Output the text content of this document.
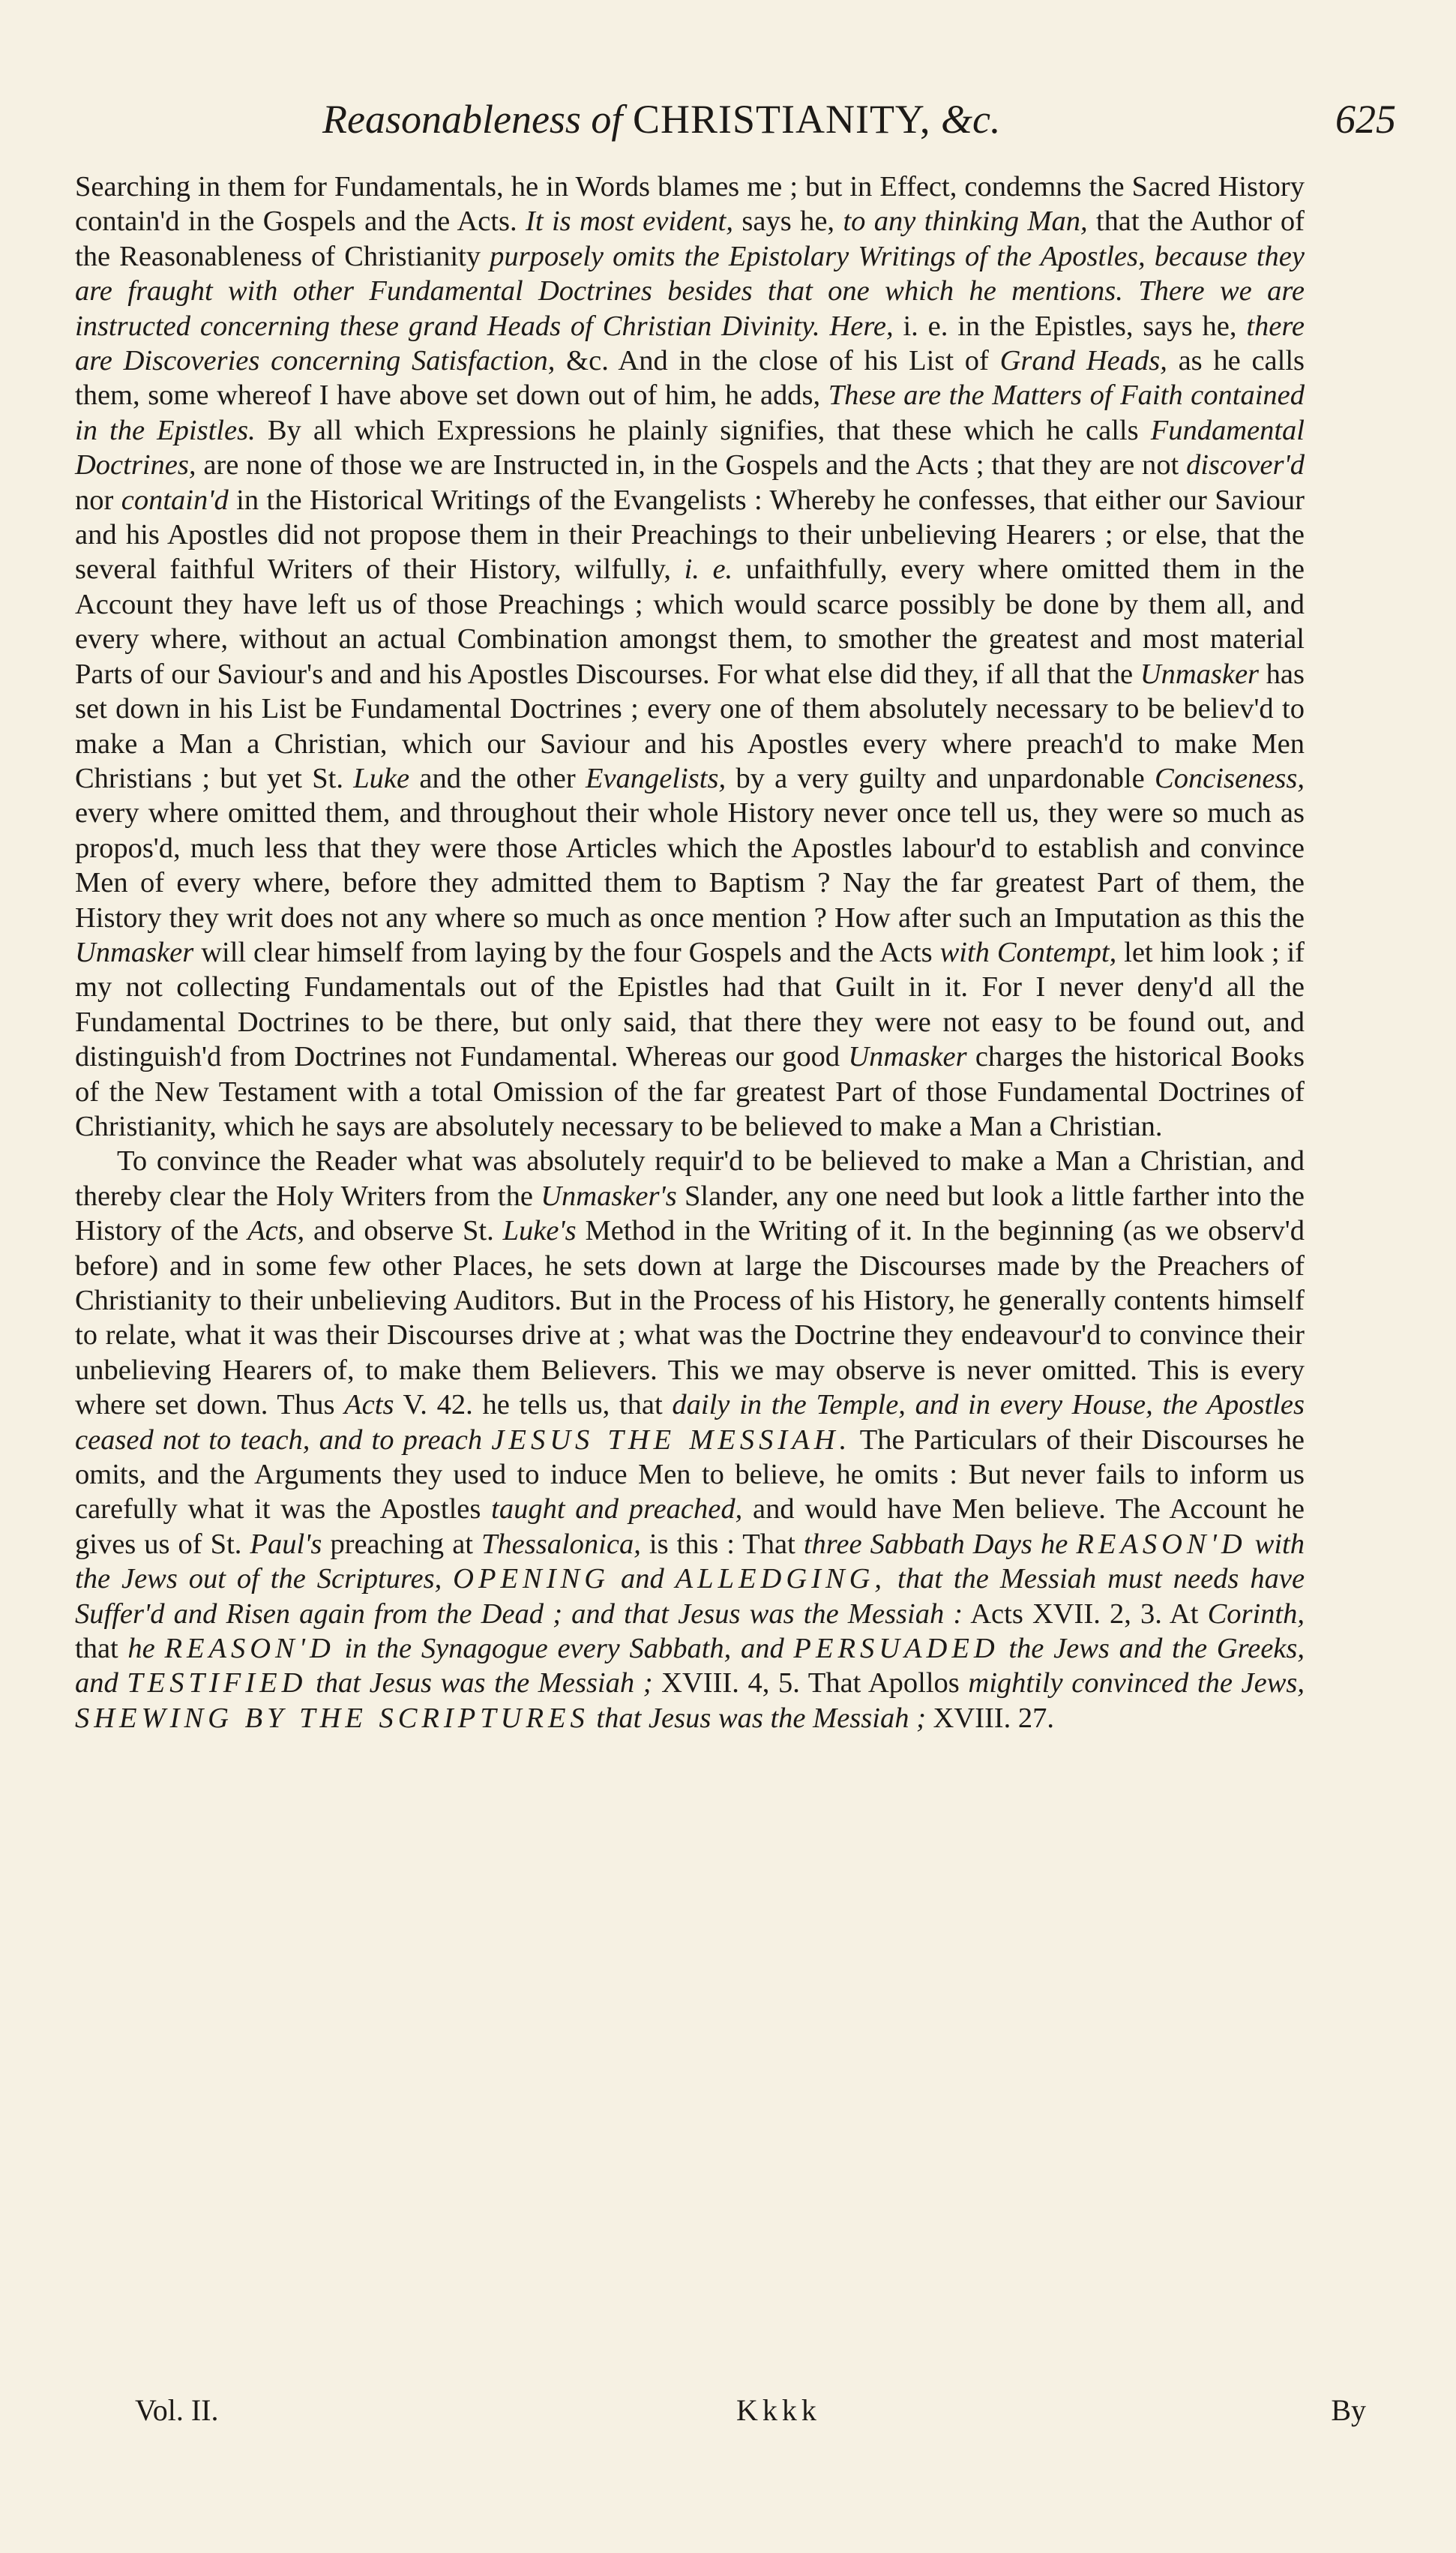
Reasonableness of CHRISTIANITY, &c.	625

Searching in them for Fundamentals, he in Words blames me ; but in Effect, condemns the Sacred History contain'd in the Gospels and the Acts. It is most evident, says he, to any thinking Man, that the Author of the Reasonableness of Christianity purposely omits the Epistolary Writings of the Apostles, because they are fraught with other Fundamental Doctrines besides that one which he mentions. There we are instructed concerning these grand Heads of Christian Divinity. Here, i. e. in the Epistles, says he, there are Discoveries concerning Satisfaction, &c. And in the close of his List of Grand Heads, as he calls them, some whereof I have above set down out of him, he adds, These are the Matters of Faith contained in the Epistles. By all which Expressions he plainly signifies, that these which he calls Fundamental Doctrines, are none of those we are Instructed in, in the Gospels and the Acts ; that they are not discover'd nor contain'd in the Historical Writings of the Evangelists : Whereby he confesses, that either our Saviour and his Apostles did not propose them in their Preachings to their unbelieving Hearers ; or else, that the several faithful Writers of their History, wilfully, i. e. unfaithfully, every where omitted them in the Account they have left us of those Preachings ; which would scarce possibly be done by them all, and every where, without an actual Combination amongst them, to smother the greatest and most material Parts of our Saviour's and and his Apostles Discourses. For what else did they, if all that the Unmasker has set down in his List be Fundamental Doctrines ; every one of them absolutely necessary to be believ'd to make a Man a Christian, which our Saviour and his Apostles every where preach'd to make Men Christians ; but yet St. Luke and the other Evangelists, by a very guilty and unpardonable Conciseness, every where omitted them, and throughout their whole History never once tell us, they were so much as propos'd, much less that they were those Articles which the Apostles labour'd to establish and convince Men of every where, before they admitted them to Baptism ? Nay the far greatest Part of them, the History they writ does not any where so much as once mention ? How after such an Imputation as this the Unmasker will clear himself from laying by the four Gospels and the Acts with Contempt, let him look ; if my not collecting Fundamentals out of the Epistles had that Guilt in it. For I never deny'd all the Fundamental Doctrines to be there, but only said, that there they were not easy to be found out, and distinguish'd from Doctrines not Fundamental. Whereas our good Unmasker charges the historical Books of the New Testament with a total Omission of the far greatest Part of those Fundamental Doctrines of Christianity, which he says are absolutely necessary to be believed to make a Man a Christian.

To convince the Reader what was absolutely requir'd to be believed to make a Man a Christian, and thereby clear the Holy Writers from the Unmasker's Slander, any one need but look a little farther into the History of the Acts, and observe St. Luke's Method in the Writing of it. In the beginning (as we observ'd before) and in some few other Places, he sets down at large the Discourses made by the Preachers of Christianity to their unbelieving Auditors. But in the Process of his History, he generally contents himself to relate, what it was their Discourses drive at ; what was the Doctrine they endeavour'd to convince their unbelieving Hearers of, to make them Believers. This we may observe is never omitted. This is every where set down. Thus Acts V. 42. he tells us, that daily in the Temple, and in every House, the Apostles ceased not to teach, and to preach JESUS THE MESSIAH. The Particulars of their Discourses he omits, and the Arguments they used to induce Men to believe, he omits : But never fails to inform us carefully what it was the Apostles taught and preached, and would have Men believe. The Account he gives us of St. Paul's preaching at Thessalonica, is this : That three Sabbath Days he REASON'D with the Jews out of the Scriptures, OPENING and ALLEDGING, that the Messiah must needs have Suffer'd and Risen again from the Dead ; and that Jesus was the Messiah : Acts XVII. 2, 3. At Corinth, that he REASON'D in the Synagogue every Sabbath, and PERSUADED the Jews and the Greeks, and TESTIFIED that Jesus was the Messiah ; XVIII. 4, 5. That Apollos mightily convinced the Jews, SHEWING BY THE SCRIPTURES that Jesus was the Messiah ; XVIII. 27.

Vol. II.	Kkkk	By
